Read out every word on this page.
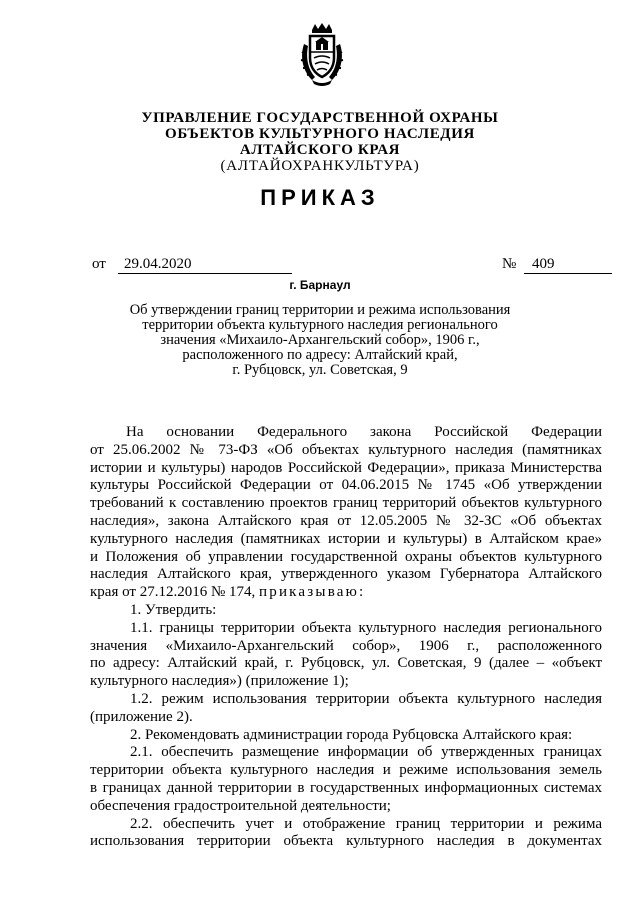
УПРАВЛЕНИЕ ГОСУДАРСТВЕННОЙ ОХРАНЫ
ОБЪЕКТОВ КУЛЬТУРНОГО НАСЛЕДИЯ
АЛТАЙСКОГО КРАЯ
(АЛТАЙОХРАНКУЛЬТУРА)
ПРИКАЗ
от	29.04.2020	№	409
г. Барнаул
Об утверждении границ территории и режима использования
территории объекта культурного наследия регионального
значения «Михаило-Архангельский собор», 1906 г.,
расположенного по адресу: Алтайский край,
г. Рубцовск, ул. Советская, 9
На основании Федерального закона Российской Федерации
от 25.06.2002 № 73-ФЗ «Об объектах культурного наследия (памятниках
истории и культуры) народов Российской Федерации», приказа Министерства
культуры Российской Федерации от 04.06.2015 № 1745 «Об утверждении
требований к составлению проектов границ территорий объектов культурного
наследия», закона Алтайского края от 12.05.2005 № 32-ЗС «Об объектах
культурного наследия (памятниках истории и культуры) в Алтайском крае»
и Положения об управлении государственной охраны объектов культурного
наследия Алтайского края, утвержденного указом Губернатора Алтайского
края от 27.12.2016 № 174, приказываю:
1. Утвердить:
1.1. границы территории объекта культурного наследия регионального
значения «Михаило-Архангельский собор», 1906 г., расположенного
по адресу: Алтайский край, г. Рубцовск, ул. Советская, 9 (далее – «объект
культурного наследия») (приложение 1);
1.2. режим использования территории объекта культурного наследия
(приложение 2).
2. Рекомендовать администрации города Рубцовска Алтайского края:
2.1. обеспечить размещение информации об утвержденных границах
территории объекта культурного наследия и режиме использования земель
в границах данной территории в государственных информационных системах
обеспечения градостроительной деятельности;
2.2. обеспечить учет и отображение границ территории и режима
использования территории объекта культурного наследия в документах
